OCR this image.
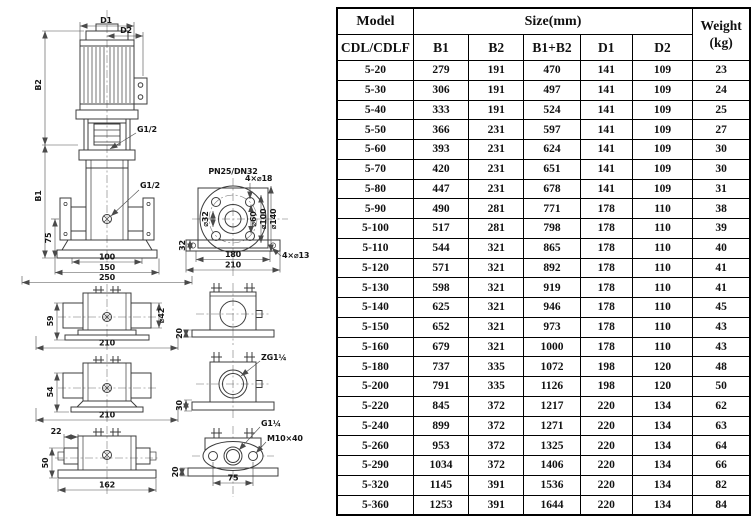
D1
D2
B2
B1
75
100
150
250
G1/2
G1/2
PN25/DN32
4×⌀18
⌀32	⌀60 ⌀100 ⌀140
32
180
210
4×⌀13
59	⌀42
210
54
210
22
50
162
20
ZG1¼
30
G1¼
M10×40
20
75
Model	Size(mm)					Weight
(kg)

CDL/CDLF	B1	B2	B1+B2	D1	D2	
5-20	279	191	470	141	109	23
5-30	306	191	497	141	109	24
5-40	333	191	524	141	109	25
5-50	366	231	597	141	109	27
5-60	393	231	624	141	109	30
5-70	420	231	651	141	109	30
5-80	447	231	678	141	109	31
5-90	490	281	771	178	110	38
5-100	517	281	798	178	110	39
5-110	544	321	865	178	110	40
5-120	571	321	892	178	110	41
5-130	598	321	919	178	110	41
5-140	625	321	946	178	110	45
5-150	652	321	973	178	110	43
5-160	679	321	1000	178	110	43
5-180	737	335	1072	198	120	48
5-200	791	335	1126	198	120	50
5-220	845	372	1217	220	134	62
5-240	899	372	1271	220	134	63
5-260	953	372	1325	220	134	64
5-290	1034	372	1406	220	134	66
5-320	1145	391	1536	220	134	82
5-360	1253	391	1644	220	134	84
